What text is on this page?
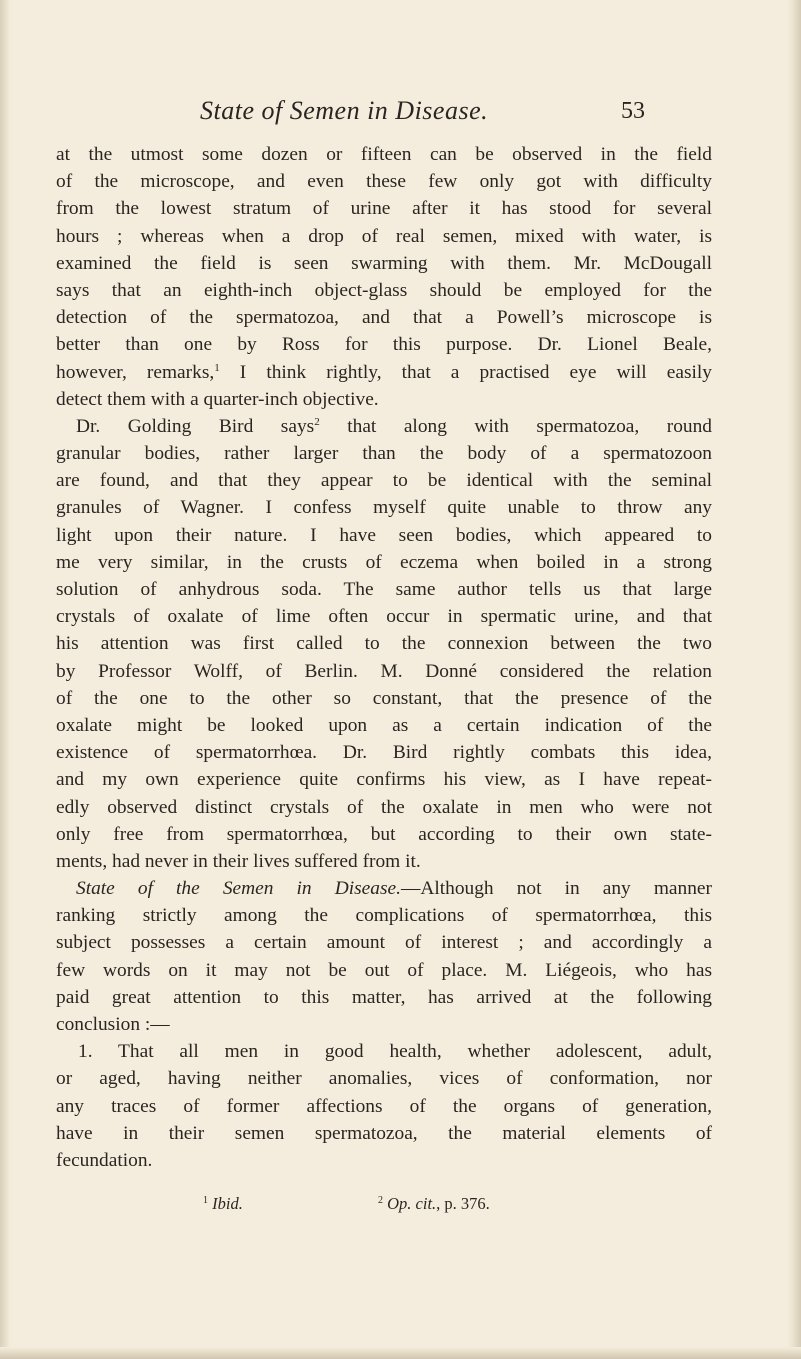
State of Semen in Disease.	53
at the utmost some dozen or fifteen can be observed in the field
of the microscope, and even these few only got with difficulty
from the lowest stratum of urine after it has stood for several
hours ; whereas when a drop of real semen, mixed with water, is
examined the field is seen swarming with them. Mr. McDougall
says that an eighth-inch object-glass should be employed for the
detection of the spermatozoa, and that a Powell’s microscope is
better than one by Ross for this purpose. Dr. Lionel Beale,
however, remarks,$^1$ I think rightly, that a practised eye will easily
detect them with a quarter-inch objective.
Dr. Golding Bird says$^2$ that along with spermatozoa, round
granular bodies, rather larger than the body of a spermatozoon
are found, and that they appear to be identical with the seminal
granules of Wagner. I confess myself quite unable to throw any
light upon their nature. I have seen bodies, which appeared to
me very similar, in the crusts of eczema when boiled in a strong
solution of anhydrous soda. The same author tells us that large
crystals of oxalate of lime often occur in spermatic urine, and that
his attention was first called to the connexion between the two
by Professor Wolff, of Berlin. M. Donné considered the relation
of the one to the other so constant, that the presence of the
oxalate might be looked upon as a certain indication of the
existence of spermatorrhœa. Dr. Bird rightly combats this idea,
and my own experience quite confirms his view, as I have repeat-
edly observed distinct crystals of the oxalate in men who were not
only free from spermatorrhœa, but according to their own state-
ments, had never in their lives suffered from it.
State of the Semen in Disease.—Although not in any manner
ranking strictly among the complications of spermatorrhœa, this
subject possesses a certain amount of interest ; and accordingly a
few words on it may not be out of place. M. Liégeois, who has
paid great attention to this matter, has arrived at the following
conclusion :—
1. That all men in good health, whether adolescent, adult,
or aged, having neither anomalies, vices of conformation, nor
any traces of former affections of the organs of generation,
have in their semen spermatozoa, the material elements of
fecundation.
$^1$ Ibid.	$^2$ Op. cit., p. 376.
